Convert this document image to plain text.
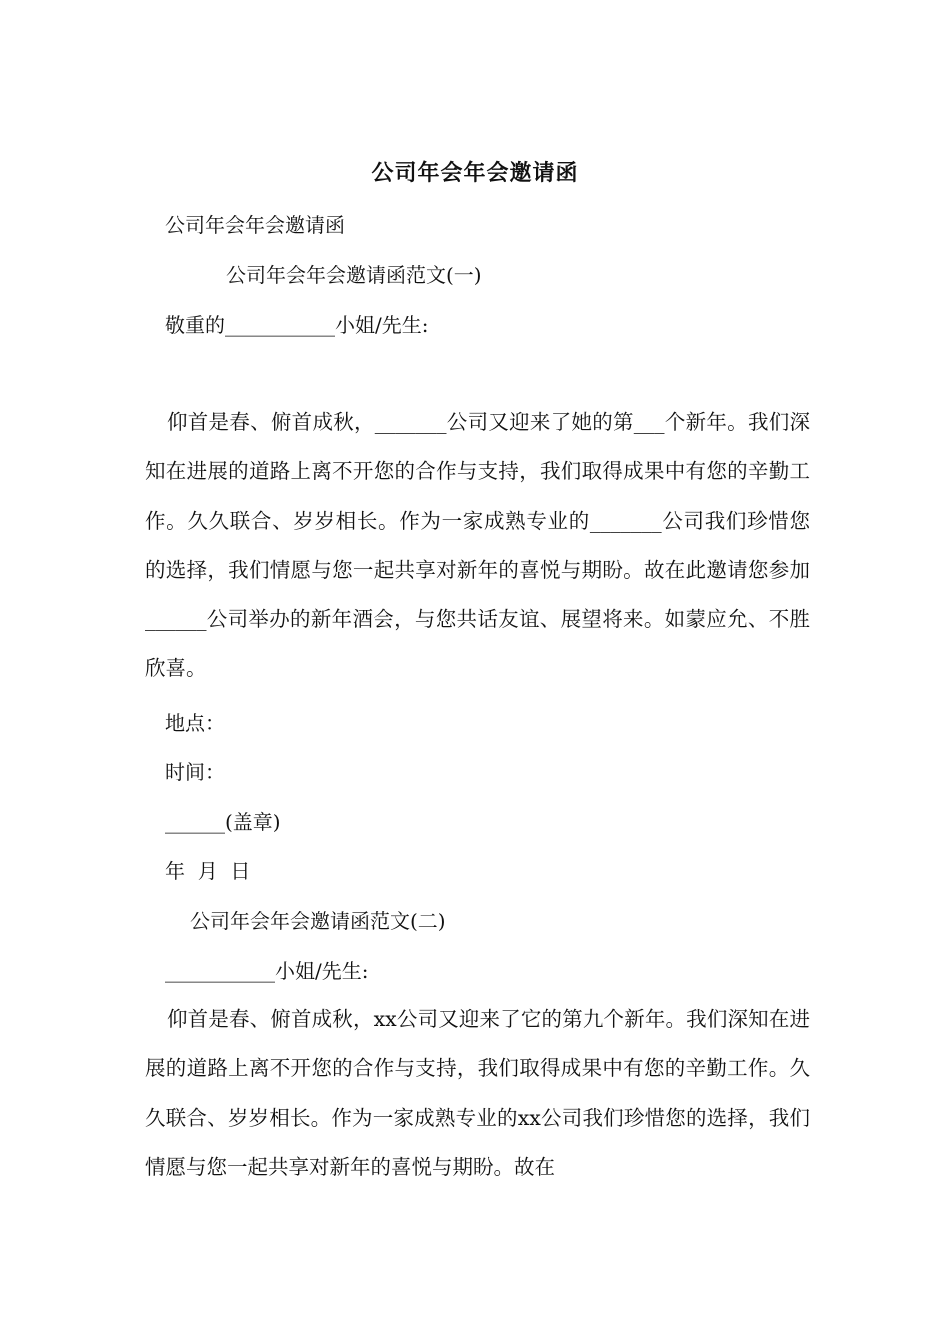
公司年会年会邀请函
公司年会年会邀请函
公司年会年会邀请函范文(一)
敬重的___________小姐/先生:
仰首是春、俯首成秋，_______公司又迎来了她的第___个新年。我们深知在进展的道路上离不开您的合作与支持，我们取得成果中有您的辛勤工作。久久联合、岁岁相长。作为一家成熟专业的_______公司我们珍惜您的选择，我们情愿与您一起共享对新年的喜悦与期盼。故在此邀请您参加______公司举办的新年酒会，与您共话友谊、展望将来。如蒙应允、不胜欣喜。
地点：
时间：
______(盖章)
年  月  日
公司年会年会邀请函范文(二)
___________小姐/先生:
仰首是春、俯首成秋，xx公司又迎来了它的第九个新年。我们深知在进展的道路上离不开您的合作与支持，我们取得成果中有您的辛勤工作。久久联合、岁岁相长。作为一家成熟专业的xx公司我们珍惜您的选择，我们情愿与您一起共享对新年的喜悦与期盼。故在
